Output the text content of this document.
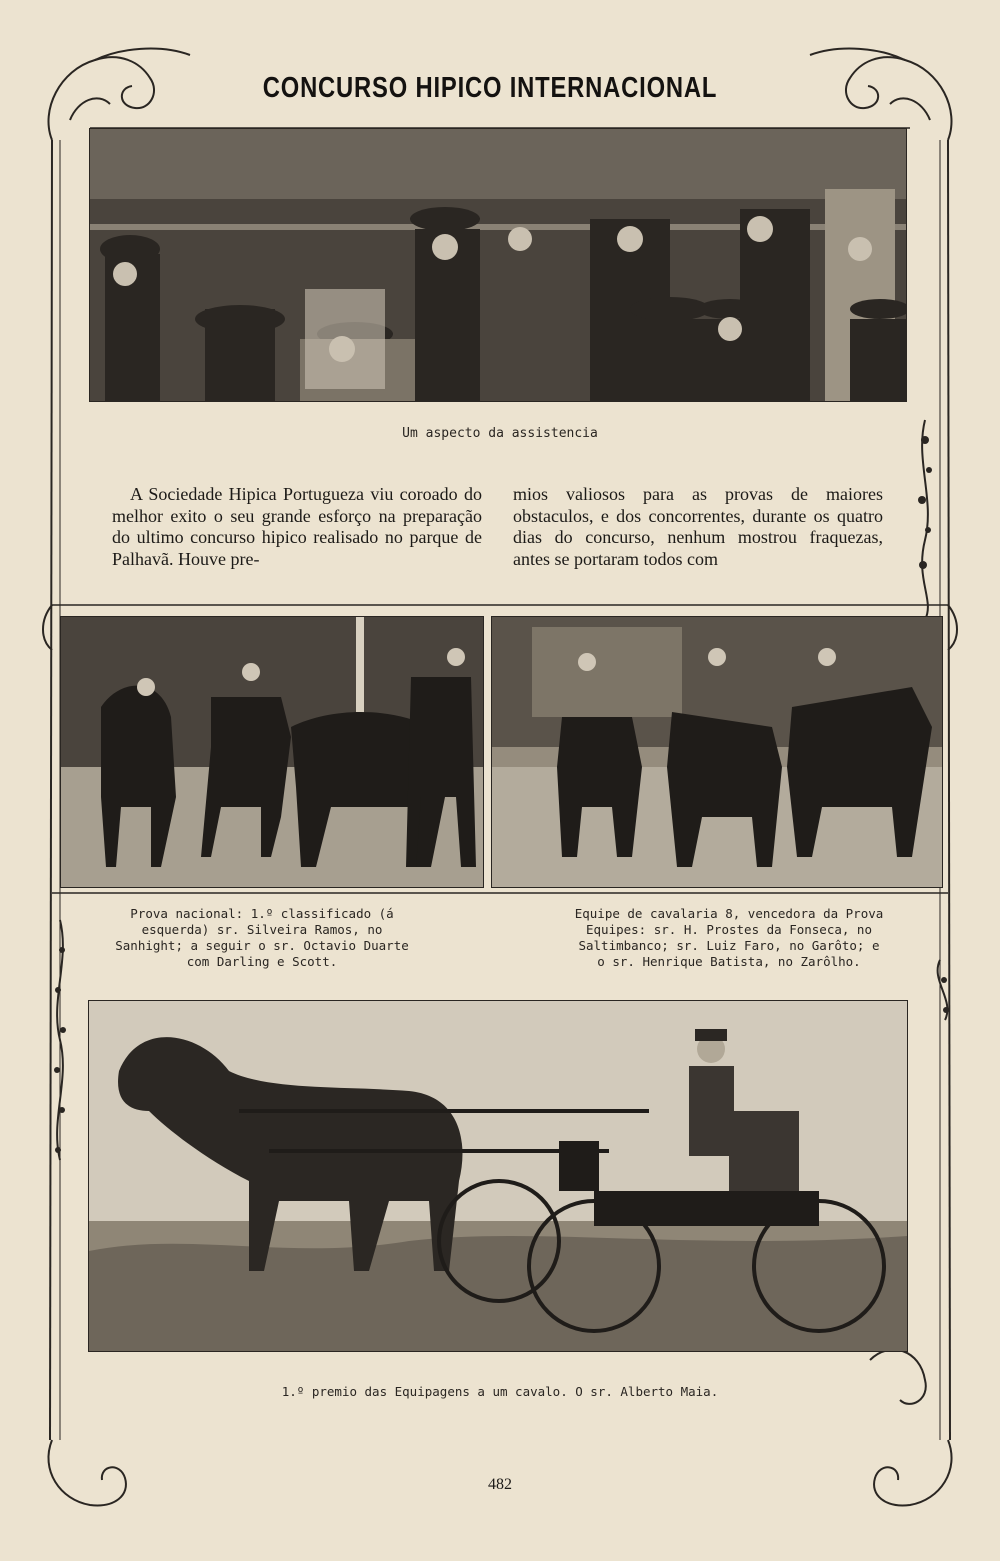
CONCURSO HIPICO INTERNACIONAL
Um aspecto da assistencia

A Sociedade Hipica Portugueza viu coroado do melhor exito o seu grande esforço na preparação do ultimo concurso hipico realisado no parque de Palhavã. Houve pre-

mios valiosos para as provas de maiores obstaculos, e dos concorrentes, durante os quatro dias do concurso, nenhum mostrou fraquezas, antes se portaram todos com

Prova nacional: 1.º classificado (á esquerda) sr. Silveira Ramos, no Sanhight; a seguir o sr. Octavio Duarte com Darling e Scott.
Equipe de cavalaria 8, vencedora da Prova Equipes: sr. H. Prostes da Fonseca, no Saltimbanco; sr. Luiz Faro, no Garôto; e o sr. Henrique Batista, no Zarôlho.
1.º premio das Equipagens a um cavalo. O sr. Alberto Maia.
482
